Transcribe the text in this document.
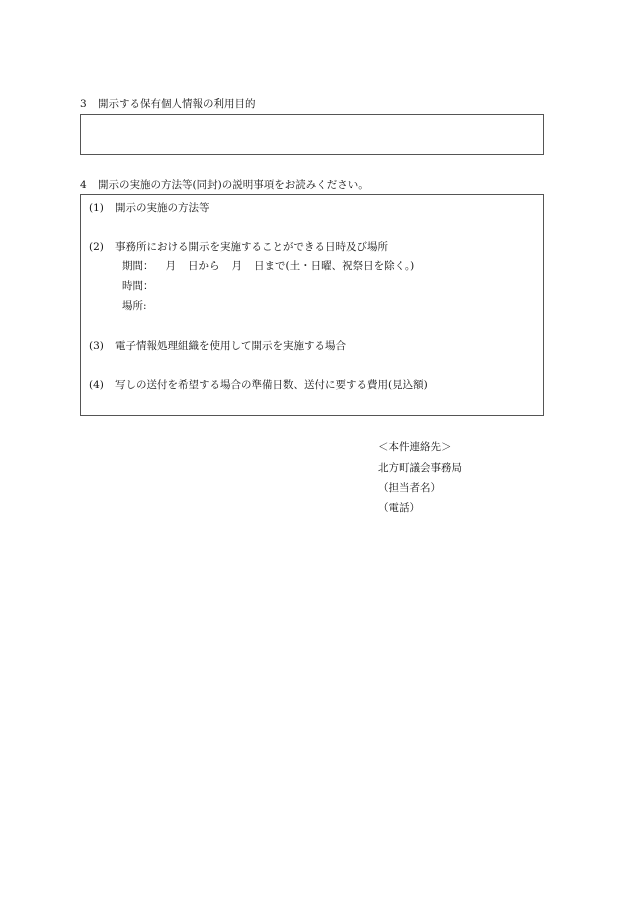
3 開示する保有個人情報の利用目的
4 開示の実施の方法等(同封)の説明事項をお読みください。
(1) 開示の実施の方法等
(2) 事務所における開示を実施することができる日時及び場所
期間： 月 日から 月 日まで(土・日曜、祝祭日を除く。)
時間：
場所:
(3) 電子情報処理組織を使用して開示を実施する場合
(4) 写しの送付を希望する場合の準備日数、送付に要する費用(見込額)
＜本件連絡先＞
北方町議会事務局
（担当者名）
（電話）
